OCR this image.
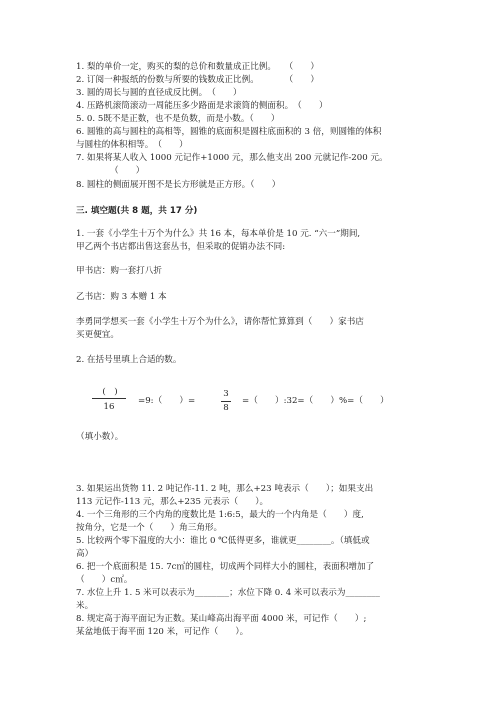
1. 梨的单价一定，购买的梨的总价和数量成正比例。　　（　　）
2. 订阅一种报纸的份数与所要的钱数成正比例。　　　　（　　）
3. 圆的周长与圆的直径成反比例。　（　　）
4. 压路机滚筒滚动一周能压多少路面是求滚筒的侧面积。　（　　）
5. 0. 5既不是正数，也不是负数，而是小数。（　　）
6. 圆锥的高与圆柱的高相等，圆锥的底面积是圆柱底面积的 3 倍，则圆锥的体积
与圆柱的体积相等。　（　　）
7. 如果将某人收入 1000 元记作+1000 元，那么他支出 200 元就记作-200 元。
（　　）
8. 圆柱的侧面展开图不是长方形就是正方形。（　　）
三. 填空题(共 8 题，共 17 分)
1. 一套《小学生十万个为什么》共 16 本，每本单价是 10 元. “六一”期间,
甲乙两个书店都出售这套丛书，但采取的促销办法不同:
甲书店：购一套打八折
乙书店：购 3 本赠 1 本
李勇同学想买一套《小学生十万个为什么》，请你帮忙算算到（　　）家书店
买更便宜。
2. 在括号里填上合适的数。
(　)
16
=9:（　　）=
3
8
=（　　）:32=（　　）%=（　　）
（填小数）。
3. 如果运出货物 11. 2 吨记作-11. 2 吨，那么+23 吨表示（　　）；如果支出
113 元记作-113 元，那么+235 元表示（　　）。
4. 一个三角形的三个内角的度数比是 1:6:5，最大的一个内角是（　　）度,
按角分，它是一个（　　）角三角形。
5. 比较两个零下温度的大小：谁比 0 ℃低得更多，谁就更________。（填低或
高）
6. 把一个底面积是 15. 7c㎡的圆柱，切成两个同样大小的圆柱，表面积增加了
（　　）c㎡。
7. 水位上升 1. 5 米可以表示为________；水位下降 0. 4 米可以表示为________
米。
8. 规定高于海平面记为正数。某山峰高出海平面 4000 米，可记作（　　）;
某盆地低于海平面 120 米，可记作（　　）。
